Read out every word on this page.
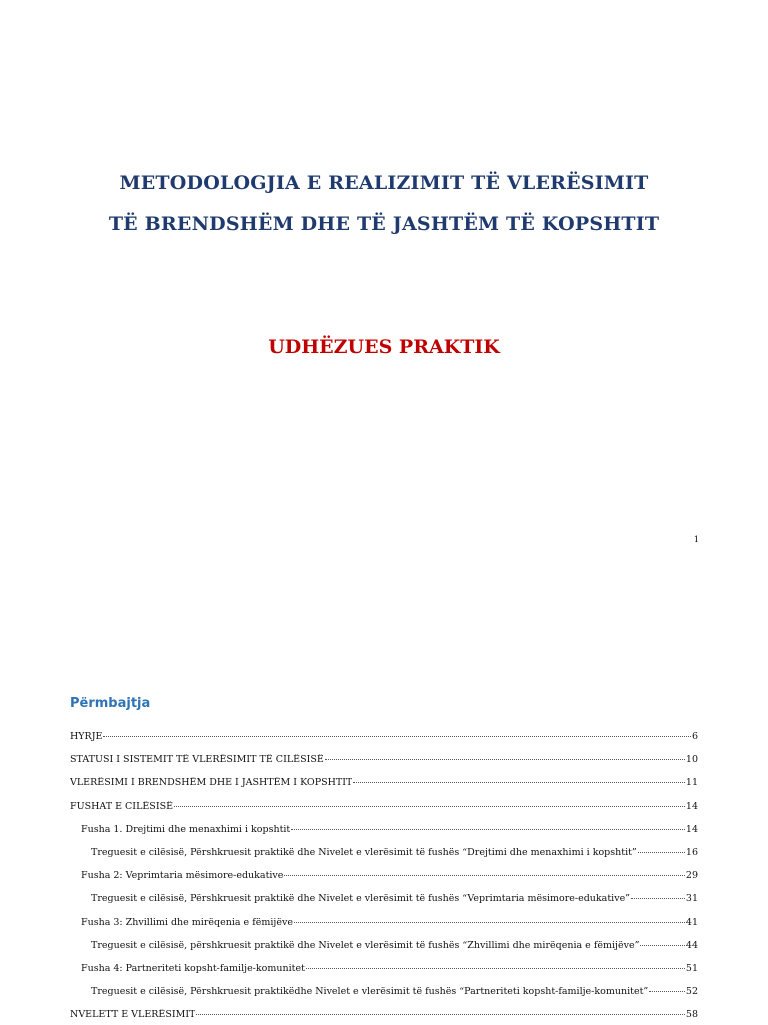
METODOLOGJIA E REALIZIMIT TË VLERËSIMIT
TË BRENDSHËM DHE TË JASHTËM TË KOPSHTIT
UDHËZUES PRAKTIK
1
Përmbajtja
HYRJE	6
STATUSI I SISTEMIT TË VLERËSIMIT TË CILËSISË	10
VLERËSIMI I BRENDSHËM DHE I JASHTËM I KOPSHTIT	11
FUSHAT E CILËSISË	14
Fusha 1. Drejtimi dhe menaxhimi i kopshtit	14
Treguesit e cilësisë, Përshkruesit praktikë dhe Nivelet e vlerësimit të fushës “Drejtimi dhe menaxhimi i kopshtit”	16
Fusha 2: Veprimtaria mësimore-edukative	29
Treguesit e cilësisë, Përshkruesit praktikë dhe Nivelet e vlerësimit të fushës “Veprimtaria mësimore-edukative”	31
Fusha 3: Zhvillimi dhe mirëqenia e fëmijëve	41
Treguesit e cilësisë, përshkruesit praktikë dhe Nivelet e vlerësimit të fushës “Zhvillimi dhe mirëqenia e fëmijëve”	44
Fusha 4: Partneriteti kopsht-familje-komunitet	51
Treguesit e cilësisë, Përshkruesit praktikëdhe Nivelet e vlerësimit të fushës “Partneriteti kopsht-familje-komunitet”	52
NVELETT E VLERËSIMIT	58
